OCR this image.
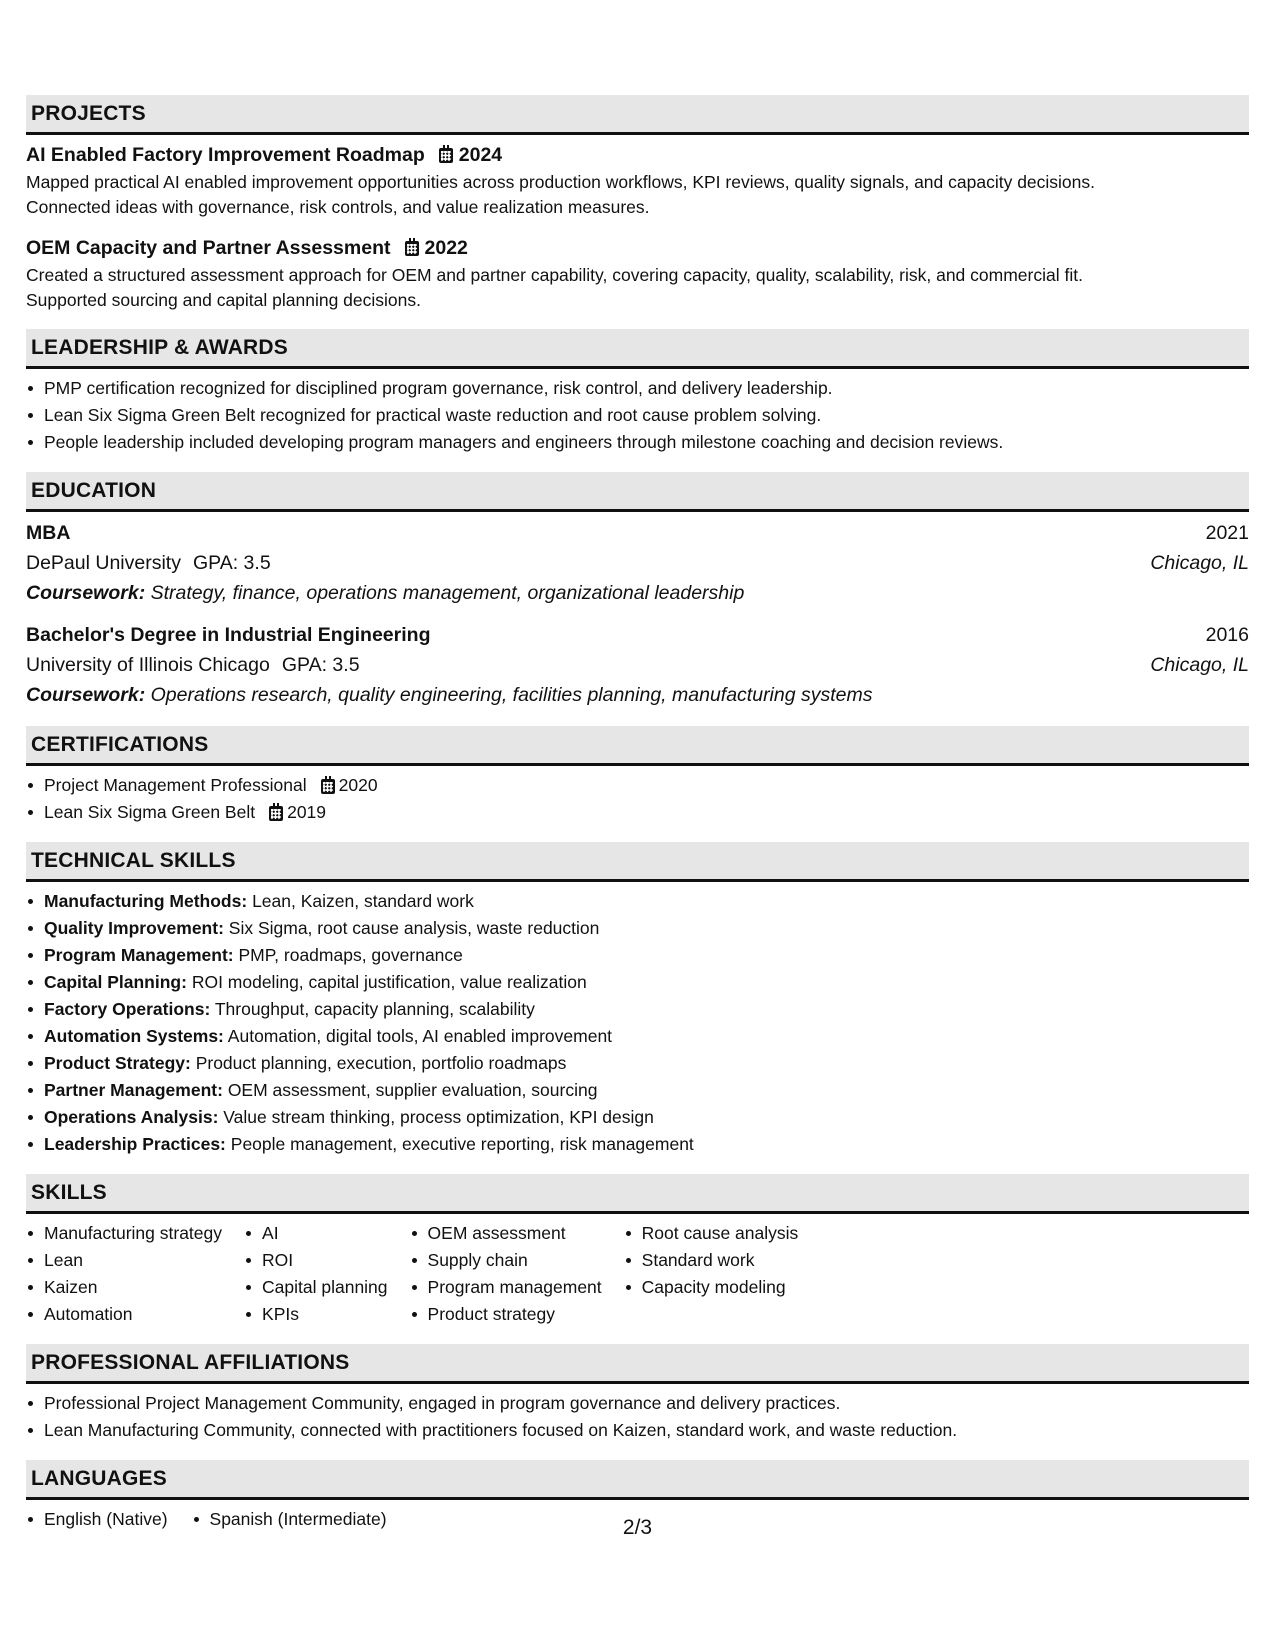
PROJECTS
AI Enabled Factory Improvement Roadmap 2024
Mapped practical AI enabled improvement opportunities across production workflows, KPI reviews, quality signals, and capacity decisions.
Connected ideas with governance, risk controls, and value realization measures.
OEM Capacity and Partner Assessment 2022
Created a structured assessment approach for OEM and partner capability, covering capacity, quality, scalability, risk, and commercial fit.
Supported sourcing and capital planning decisions.
LEADERSHIP & AWARDS
PMP certification recognized for disciplined program governance, risk control, and delivery leadership.
Lean Six Sigma Green Belt recognized for practical waste reduction and root cause problem solving.
People leadership included developing program managers and engineers through milestone coaching and decision reviews.
EDUCATION
MBA	2021
DePaul University GPA: 3.5	Chicago, IL
Coursework: Strategy, finance, operations management, organizational leadership
Bachelor's Degree in Industrial Engineering	2016
University of Illinois Chicago GPA: 3.5	Chicago, IL
Coursework: Operations research, quality engineering, facilities planning, manufacturing systems
CERTIFICATIONS
Project Management Professional 2020
Lean Six Sigma Green Belt 2019
TECHNICAL SKILLS
Manufacturing Methods: Lean, Kaizen, standard work
Quality Improvement: Six Sigma, root cause analysis, waste reduction
Program Management: PMP, roadmaps, governance
Capital Planning: ROI modeling, capital justification, value realization
Factory Operations: Throughput, capacity planning, scalability
Automation Systems: Automation, digital tools, AI enabled improvement
Product Strategy: Product planning, execution, portfolio roadmaps
Partner Management: OEM assessment, supplier evaluation, sourcing
Operations Analysis: Value stream thinking, process optimization, KPI design
Leadership Practices: People management, executive reporting, risk management
SKILLS
Manufacturing strategy
Lean
Kaizen
Automation
AI
ROI
Capital planning
KPIs
OEM assessment
Supply chain
Program management
Product strategy
Root cause analysis
Standard work
Capacity modeling
PROFESSIONAL AFFILIATIONS
Professional Project Management Community, engaged in program governance and delivery practices.
Lean Manufacturing Community, connected with practitioners focused on Kaizen, standard work, and waste reduction.
LANGUAGES
English (Native) Spanish (Intermediate)	2/3
